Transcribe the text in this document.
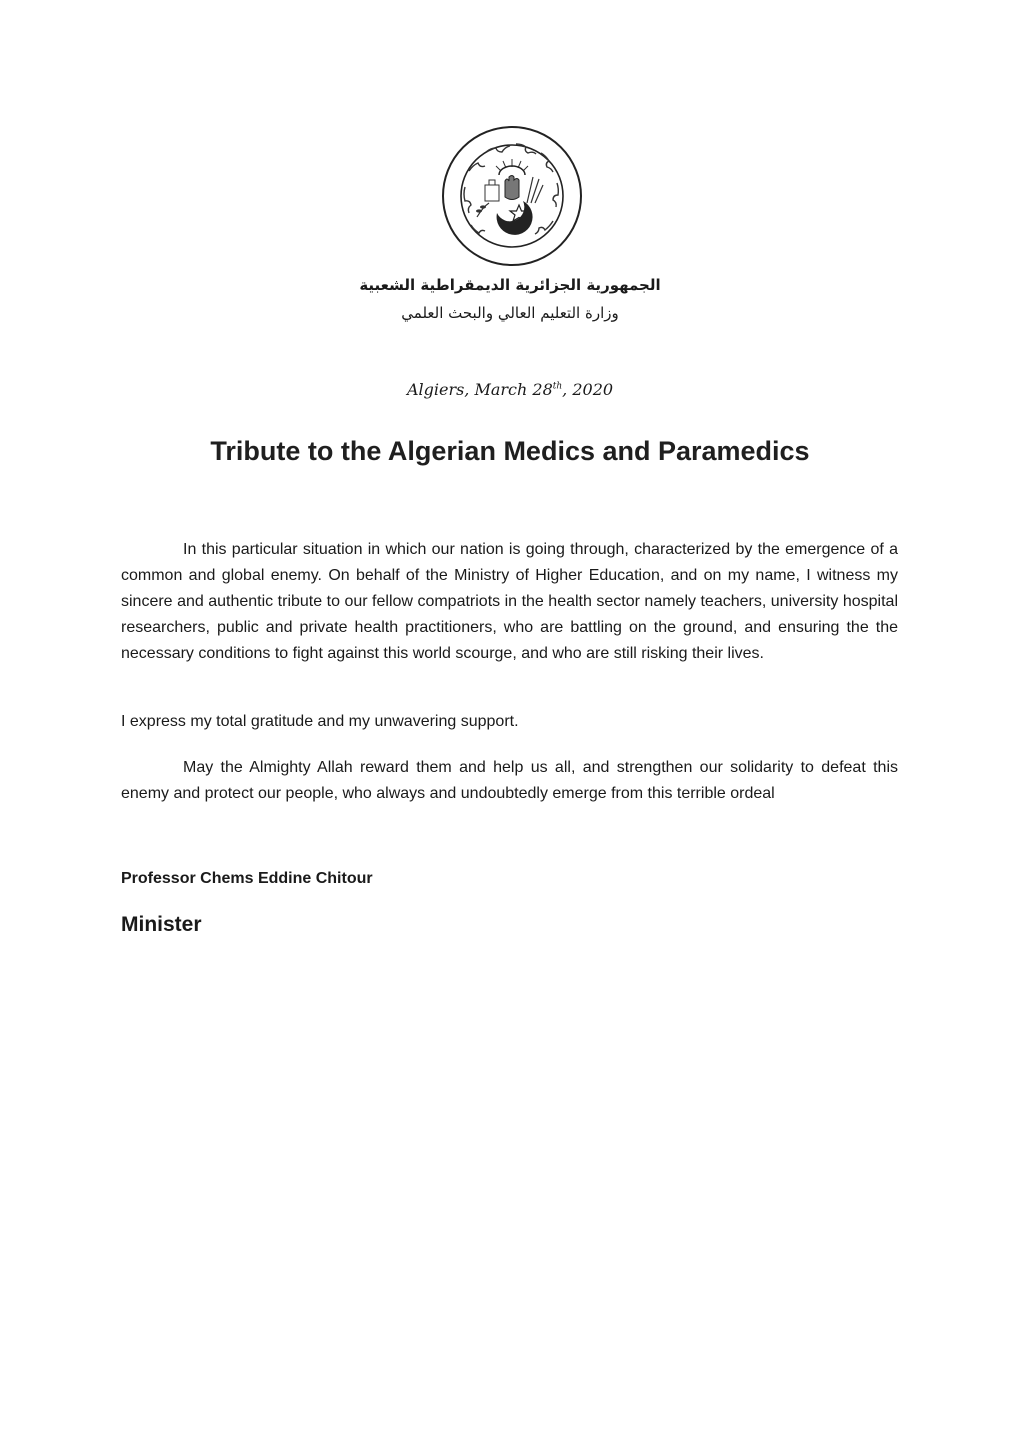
الجمهورية الجزائرية الديمقراطية الشعبية
وزارة التعليم العالي والبحث العلمي
Algiers, March 28th, 2020
Tribute to the Algerian Medics and Paramedics

In this particular situation in which our nation is going through, characterized by the emergence of a common and global enemy. On behalf of the Ministry of Higher Education, and on my name, I witness my sincere and authentic tribute to our fellow compatriots in the health sector namely teachers, university hospital researchers, public and private health practitioners, who are battling on the ground, and ensuring the the necessary conditions to fight against this world scourge, and who are still risking their lives.

I express my total gratitude and my unwavering support.

May the Almighty Allah reward them and help us all, and strengthen our solidarity to defeat this enemy and protect our people, who always and undoubtedly emerge from this terrible ordeal

Professor Chems Eddine Chitour

Minister
